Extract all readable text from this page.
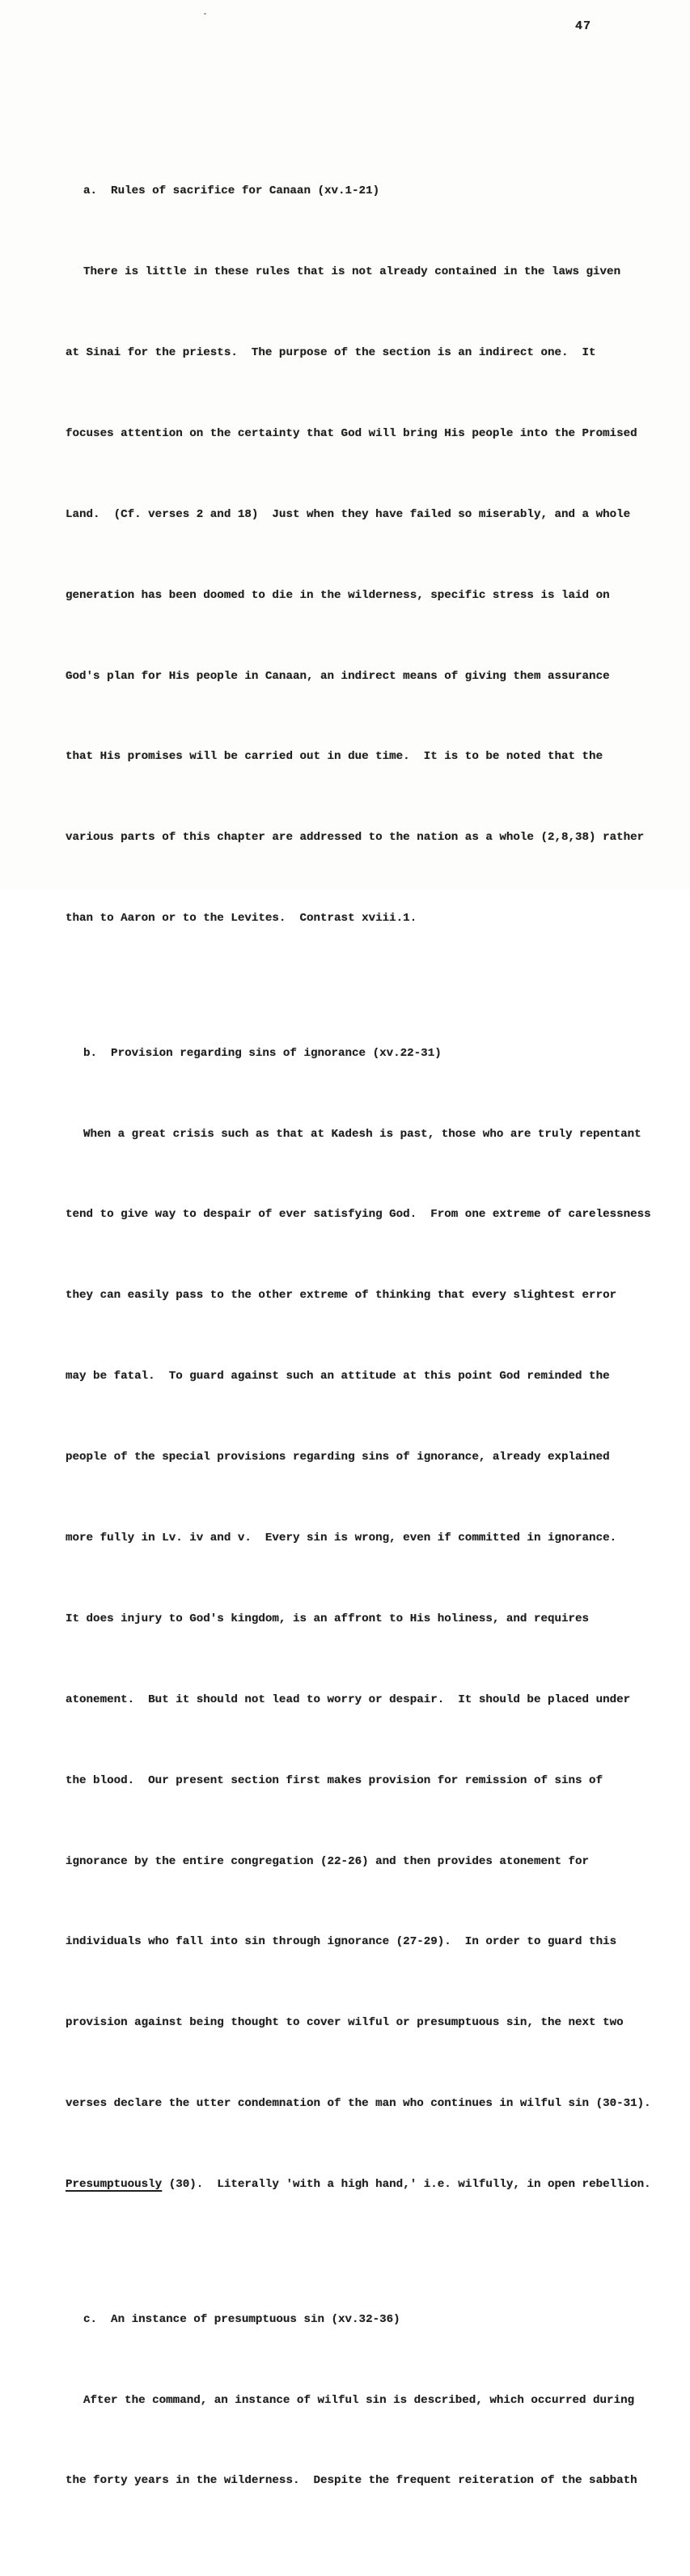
47

a.  Rules of sacrifice for Canaan (xv.1-21)

There is little in these rules that is not already contained in the laws given

at Sinai for the priests.  The purpose of the section is an indirect one.  It

focuses attention on the certainty that God will bring His people into the Promised

Land.  (Cf. verses 2 and 18)  Just when they have failed so miserably, and a whole

generation has been doomed to die in the wilderness, specific stress is laid on

God's plan for His people in Canaan, an indirect means of giving them assurance

that His promises will be carried out in due time.  It is to be noted that the

various parts of this chapter are addressed to the nation as a whole (2,8,38) rather

than to Aaron or to the Levites.  Contrast xviii.1.

b.  Provision regarding sins of ignorance (xv.22-31)

When a great crisis such as that at Kadesh is past, those who are truly repentant

tend to give way to despair of ever satisfying God.  From one extreme of carelessness

they can easily pass to the other extreme of thinking that every slightest error

may be fatal.  To guard against such an attitude at this point God reminded the

people of the special provisions regarding sins of ignorance, already explained

more fully in Lv. iv and v.  Every sin is wrong, even if committed in ignorance.

It does injury to God's kingdom, is an affront to His holiness, and requires

atonement.  But it should not lead to worry or despair.  It should be placed under

the blood.  Our present section first makes provision for remission of sins of

ignorance by the entire congregation (22-26) and then provides atonement for

individuals who fall into sin through ignorance (27-29).  In order to guard this

provision against being thought to cover wilful or presumptuous sin, the next two

verses declare the utter condemnation of the man who continues in wilful sin (30-31).

Presumptuously (30).  Literally 'with a high hand,' i.e. wilfully, in open rebellion.

c.  An instance of presumptuous sin (xv.32-36)

After the command, an instance of wilful sin is described, which occurred during

the forty years in the wilderness.  Despite the frequent reiteration of the sabbath
